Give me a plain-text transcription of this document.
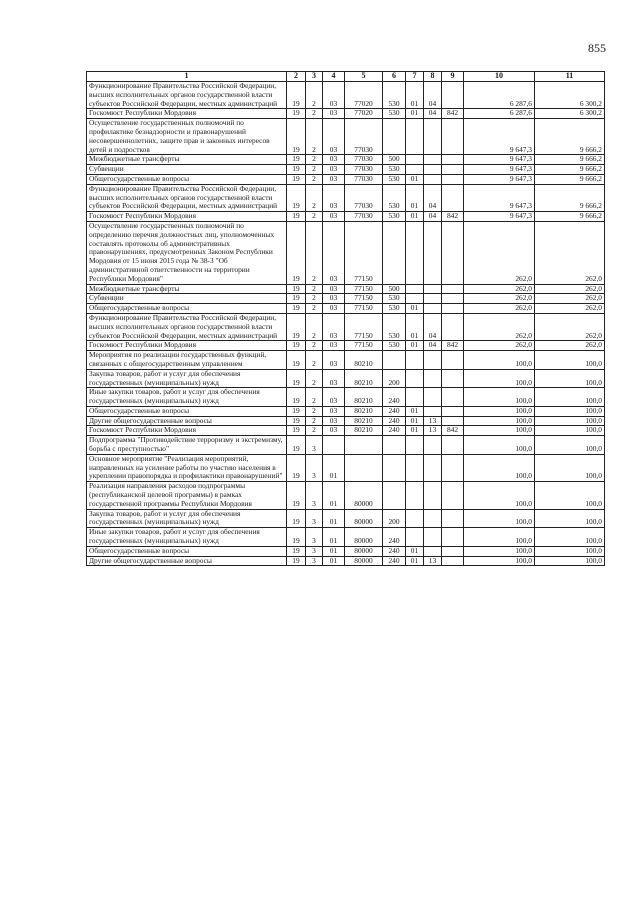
855
1	2	3	4	5	6	7	8	9	10	11
Функционирование Правительства Российской Федерации, высших исполнительных органов государственной власти субъектов Российской Федерации, местных администраций	19	2	03	77020	530	01	04		6 287,6	6 300,2
Госкомюст Республики Мордовия	19	2	03	77020	530	01	04	842	6 287,6	6 300,2
Осуществление государственных полномочий по профилактике безнадзорности и правонарушений несовершеннолетних, защите прав и законных интересов детей и подростков	19	2	03	77030					9 647,3	9 666,2
Межбюджетные трансферты	19	2	03	77030	500				9 647,3	9 666,2
Субвенции	19	2	03	77030	530				9 647,3	9 666,2
Общегосударственные вопросы	19	2	03	77030	530	01			9 647,3	9 666,2
Функционирование Правительства Российской Федерации, высших исполнительных органов государственной власти субъектов Российской Федерации, местных администраций	19	2	03	77030	530	01	04		9 647,3	9 666,2
Госкомюст Республики Мордовия	19	2	03	77030	530	01	04	842	9 647,3	9 666,2
Осуществление государственных полномочий по определению перечня должностных лиц, уполномоченных составлять протоколы об административных правонарушениях, предусмотренных Законом Республики Мордовия от 15 июня 2015 года № 38-З "Об административной ответственности на территории Республики Мордовия"	19	2	03	77150					262,0	262,0
Межбюджетные трансферты	19	2	03	77150	500				262,0	262,0
Субвенции	19	2	03	77150	530				262,0	262,0
Общегосударственные вопросы	19	2	03	77150	530	01			262,0	262,0
Функционирование Правительства Российской Федерации, высших исполнительных органов государственной власти субъектов Российской Федерации, местных администраций	19	2	03	77150	530	01	04		262,0	262,0
Госкомюст Республики Мордовия	19	2	03	77150	530	01	04	842	262,0	262,0
Мероприятия по реализации государственных функций, связанных с общегосударственным управлением	19	2	03	80210					100,0	100,0
Закупка товаров, работ и услуг для обеспечения государственных (муниципальных) нужд	19	2	03	80210	200				100,0	100,0
Иные закупки товаров, работ и услуг для обеспечения государственных (муниципальных) нужд	19	2	03	80210	240				100,0	100,0
Общегосударственные вопросы	19	2	03	80210	240	01			100,0	100,0
Другие общегосударственные вопросы	19	2	03	80210	240	01	13		100,0	100,0
Госкомюст Республики Мордовия	19	2	03	80210	240	01	13	842	100,0	100,0
Подпрограмма "Противодействие терроризму и экстремизму, борьба с преступностью"	19	3							100,0	100,0
Основное мероприятие "Реализация мероприятий, направленных на усиление работы по участию населения в укреплении правопорядка и профилактики правонарушений"	19	3	01						100,0	100,0
Реализация направления расходов подпрограммы (республиканской целевой программы) в рамках государственной программы Республики Мордовия	19	3	01	80000					100,0	100,0
Закупка товаров, работ и услуг для обеспечения государственных (муниципальных) нужд	19	3	01	80000	200				100,0	100,0
Иные закупки товаров, работ и услуг для обеспечения государственных (муниципальных) нужд	19	3	01	80000	240				100,0	100,0
Общегосударственные вопросы	19	3	01	80000	240	01			100,0	100,0
Другие общегосударственные вопросы	19	3	01	80000	240	01	13		100,0	100,0
